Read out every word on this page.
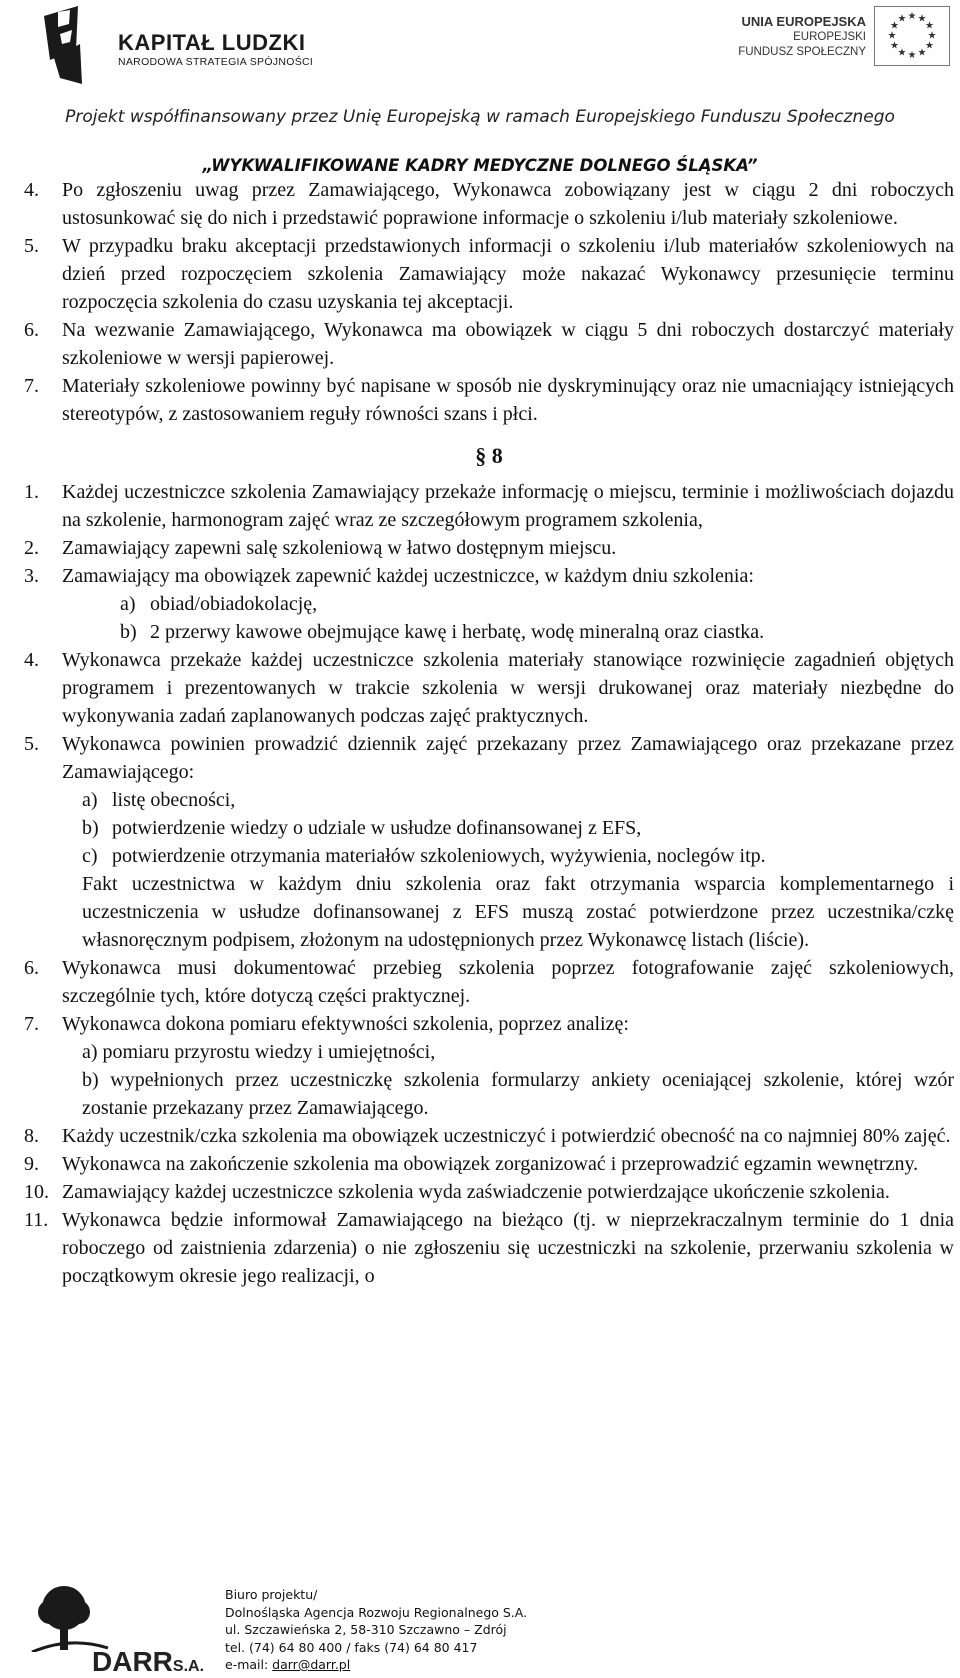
KAPITAŁ LUDZKI
NARODOWA STRATEGIA SPÓJNOŚCI
UNIA EUROPEJSKA
EUROPEJSKI
FUNDUSZ SPOŁECZNY
★ ★
★
★
★
★
★
★
★
★
★
★
Projekt współfinansowany przez Unię Europejską w ramach Europejskiego Funduszu Społecznego
„WYKWALIFIKOWANE KADRY MEDYCZNE DOLNEGO ŚLĄSKA”
4. Po zgłoszeniu uwag przez Zamawiającego, Wykonawca zobowiązany jest w ciągu 2 dni roboczych ustosunkować się do nich i przedstawić poprawione informacje o szkoleniu i/lub materiały szkoleniowe.
5. W przypadku braku akceptacji przedstawionych informacji o szkoleniu i/lub materiałów szkoleniowych na dzień przed rozpoczęciem szkolenia Zamawiający może nakazać Wykonawcy przesunięcie terminu rozpoczęcia szkolenia do czasu uzyskania tej akceptacji.
6. Na wezwanie Zamawiającego, Wykonawca ma obowiązek w ciągu 5 dni roboczych dostarczyć materiały szkoleniowe w wersji papierowej.
7. Materiały szkoleniowe powinny być napisane w sposób nie dyskryminujący oraz nie umacniający istniejących stereotypów, z zastosowaniem reguły równości szans i płci.
§ 8
1. Każdej uczestniczce szkolenia Zamawiający przekaże informację o miejscu, terminie i możliwościach dojazdu na szkolenie, harmonogram zajęć wraz ze szczegółowym programem szkolenia,
2. Zamawiający zapewni salę szkoleniową w łatwo dostępnym miejscu.
3. Zamawiający ma obowiązek zapewnić każdej uczestniczce, w każdym dniu szkolenia:
a) obiad/obiadokolację,
b) 2 przerwy kawowe obejmujące kawę i herbatę, wodę mineralną oraz ciastka.
4. Wykonawca przekaże każdej uczestniczce szkolenia materiały stanowiące rozwinięcie zagadnień objętych programem i prezentowanych w trakcie szkolenia w wersji drukowanej oraz materiały niezbędne do wykonywania zadań zaplanowanych podczas zajęć praktycznych.
5. Wykonawca powinien prowadzić dziennik zajęć przekazany przez Zamawiającego oraz przekazane przez Zamawiającego:
a) listę obecności,
b) potwierdzenie wiedzy o udziale w usłudze dofinansowanej z EFS,
c) potwierdzenie otrzymania materiałów szkoleniowych, wyżywienia, noclegów itp.
Fakt uczestnictwa w każdym dniu szkolenia oraz fakt otrzymania wsparcia komplementarnego i uczestniczenia w usłudze dofinansowanej z EFS muszą zostać potwierdzone przez uczestnika/czkę własnoręcznym podpisem, złożonym na udostępnionych przez Wykonawcę listach (liście).
6. Wykonawca musi dokumentować przebieg szkolenia poprzez fotografowanie zajęć szkoleniowych, szczególnie tych, które dotyczą części praktycznej.
7. Wykonawca dokona pomiaru efektywności szkolenia, poprzez analizę:
a) pomiaru przyrostu wiedzy i umiejętności,
b) wypełnionych przez uczestniczkę szkolenia formularzy ankiety oceniającej szkolenie, której wzór zostanie przekazany przez Zamawiającego.
8. Każdy uczestnik/czka szkolenia ma obowiązek uczestniczyć i potwierdzić obecność na co najmniej 80% zajęć.
9. Wykonawca na zakończenie szkolenia ma obowiązek zorganizować i przeprowadzić egzamin wewnętrzny.
10. Zamawiający każdej uczestniczce szkolenia wyda zaświadczenie potwierdzające ukończenie szkolenia.
11. Wykonawca będzie informował Zamawiającego na bieżąco (tj. w nieprzekraczalnym terminie do 1 dnia roboczego od zaistnienia zdarzenia) o nie zgłoszeniu się uczestniczki na szkolenie, przerwaniu szkolenia w początkowym okresie jego realizacji, o
DARRS.A.
Biuro projektu/
Dolnośląska Agencja Rozwoju Regionalnego S.A.
ul. Szczawieńska 2, 58-310 Szczawno – Zdrój
tel. (74) 64 80 400 / faks (74) 64 80 417
e-mail: darr@darr.pl
